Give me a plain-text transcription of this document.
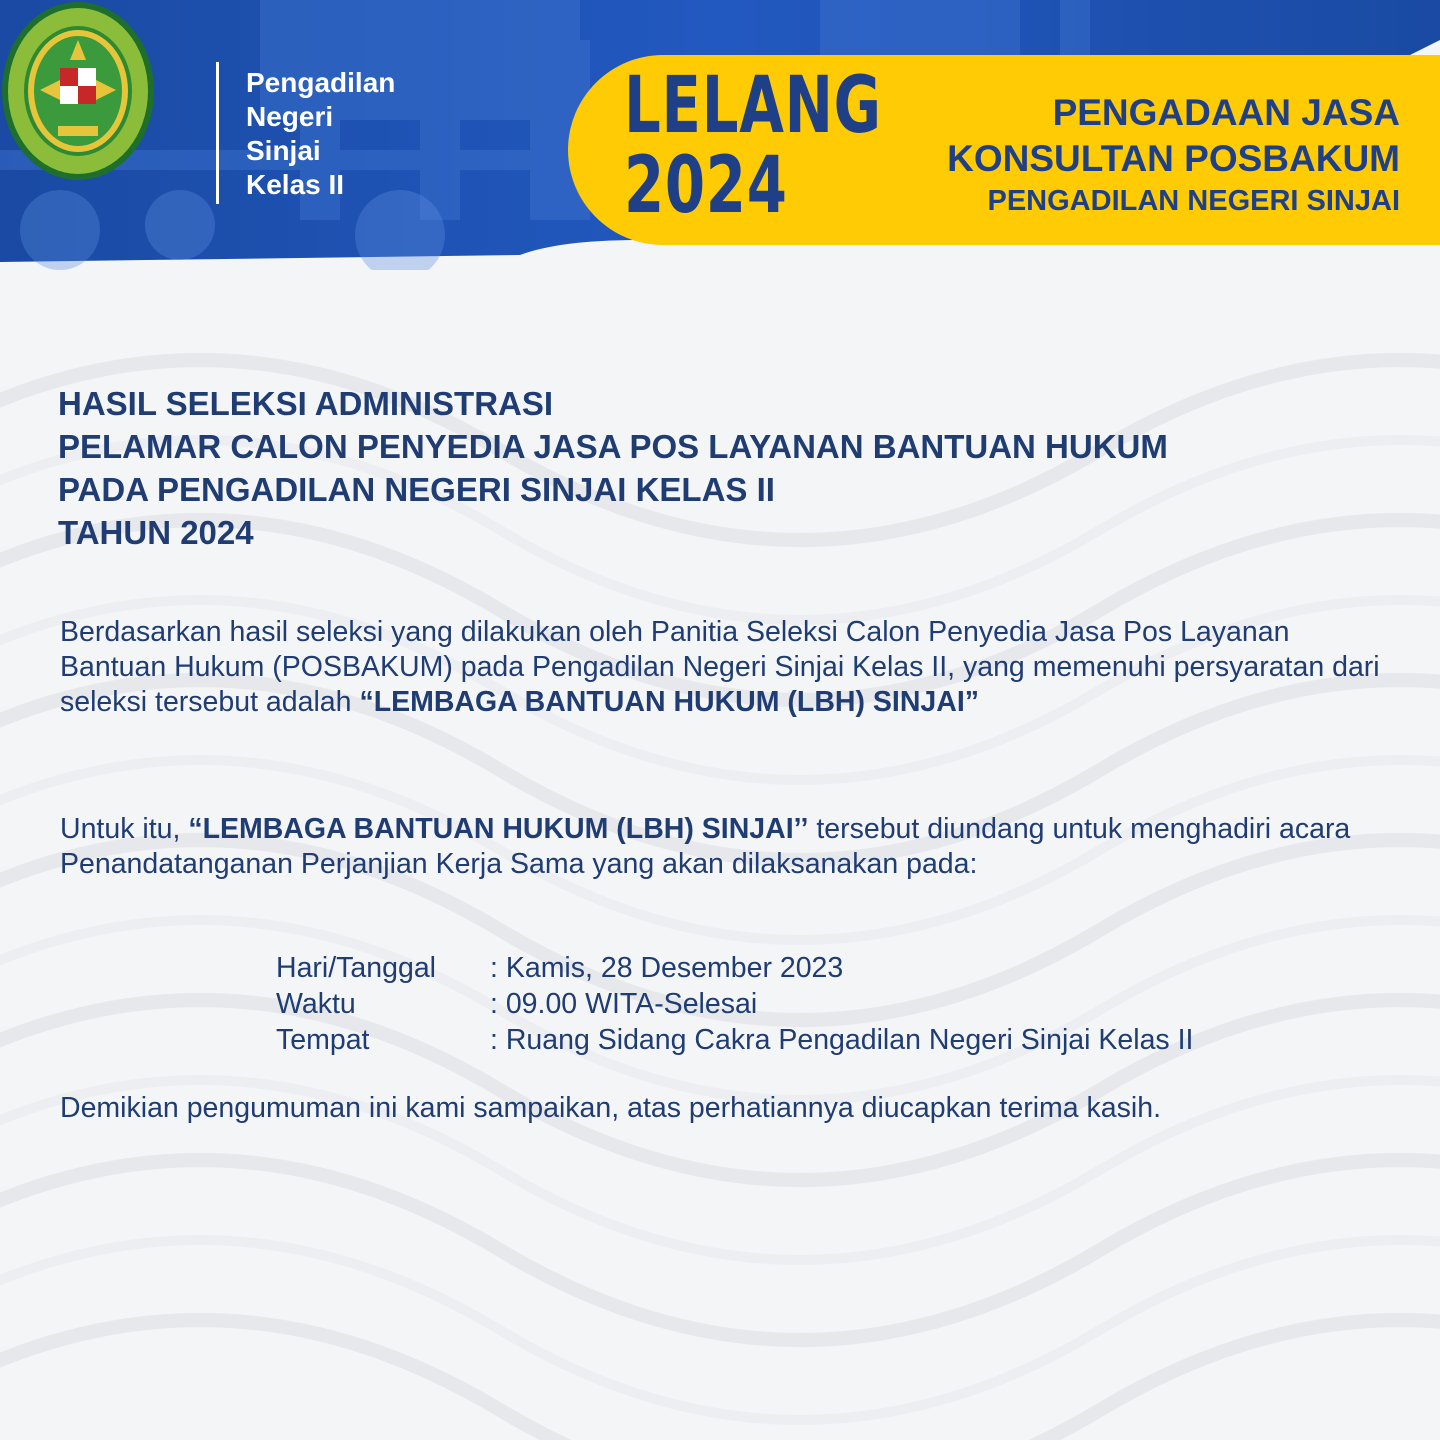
Pengadilan
Negeri
Sinjai
Kelas II
LELANG
2024
PENGADAAN JASA
KONSULTAN POSBAKUM
PENGADILAN NEGERI SINJAI
HASIL SELEKSI ADMINISTRASI
PELAMAR CALON PENYEDIA JASA POS LAYANAN BANTUAN HUKUM
PADA PENGADILAN NEGERI SINJAI KELAS II
TAHUN 2024
Berdasarkan hasil seleksi yang dilakukan oleh Panitia Seleksi Calon Penyedia Jasa Pos Layanan Bantuan Hukum (POSBAKUM) pada Pengadilan Negeri Sinjai Kelas II, yang memenuhi persyaratan dari seleksi tersebut adalah “LEMBAGA BANTUAN HUKUM (LBH) SINJAI”
Untuk itu, “LEMBAGA BANTUAN HUKUM (LBH) SINJAI’’ tersebut diundang untuk menghadiri acara Penandatanganan Perjanjian Kerja Sama yang akan dilaksanakan pada:
Hari/Tanggal	: Kamis, 28 Desember 2023
Waktu	: 09.00 WITA-Selesai
Tempat	: Ruang Sidang Cakra Pengadilan Negeri Sinjai Kelas II
Demikian pengumuman ini kami sampaikan, atas perhatiannya diucapkan terima kasih.
